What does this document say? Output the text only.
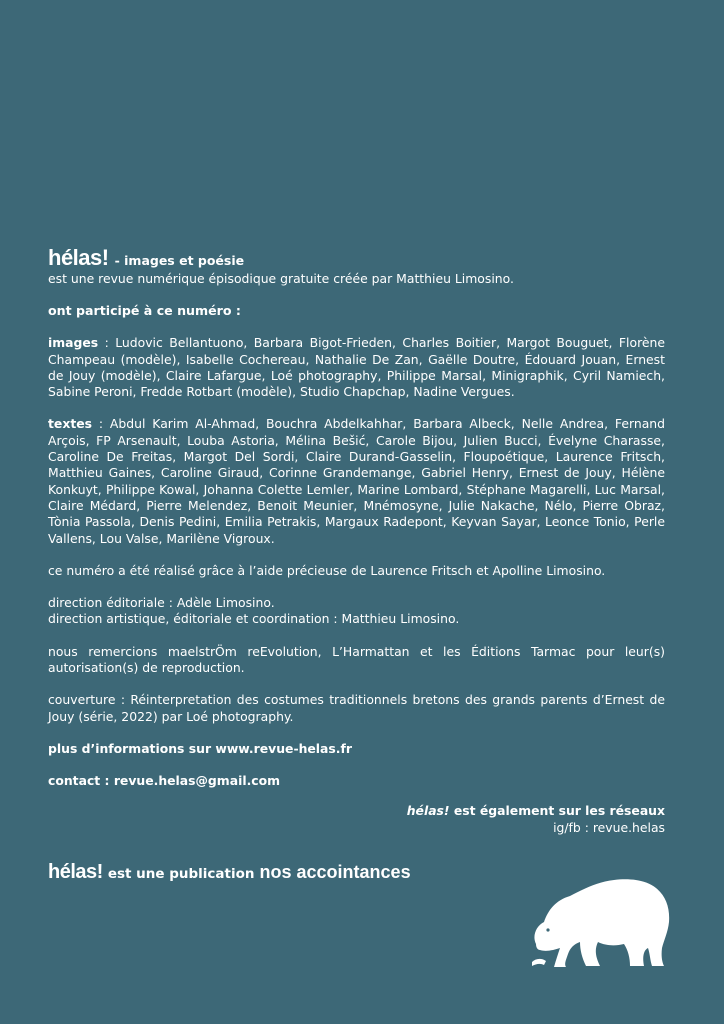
hélas! - images et poésie

est une revue numérique épisodique gratuite créée par Matthieu Limosino.

ont participé à ce numéro :

images : Ludovic Bellantuono, Barbara Bigot-Frieden, Charles Boitier, Margot Bouguet, Florène Champeau (modèle), Isabelle Cochereau, Nathalie De Zan, Gaëlle Doutre, Édouard Jouan, Ernest de Jouy (modèle), Claire Lafargue, Loé photography, Philippe Marsal, Minigraphik, Cyril Namiech, Sabine Peroni, Fredde Rotbart (modèle), Studio Chapchap, Nadine Vergues.

textes : Abdul Karim Al-Ahmad, Bouchra Abdelkahhar, Barbara Albeck, Nelle Andrea, Fernand Arçois, FP Arsenault, Louba Astoria, Mélina Bešić, Carole Bijou, Julien Bucci, Évelyne Charasse, Caroline De Freitas, Margot Del Sordi, Claire Durand-Gasselin, Floupoétique, Laurence Fritsch, Matthieu Gaines, Caroline Giraud, Corinne Grandemange, Gabriel Henry, Ernest de Jouy, Hélène Konkuyt, Philippe Kowal, Johanna Colette Lemler, Marine Lombard, Stéphane Magarelli, Luc Marsal, Claire Médard, Pierre Melendez, Benoit Meunier, Mnémosyne, Julie Nakache, Nélo, Pierre Obraz, Tònia Passola, Denis Pedini, Emilia Petrakis, Margaux Radepont, Keyvan Sayar, Leonce Tonio, Perle Vallens, Lou Valse, Marilène Vigroux.

ce numéro a été réalisé grâce à l’aide précieuse de Laurence Fritsch et Apolline Limosino.

direction éditoriale : Adèle Limosino.
direction artistique, éditoriale et coordination : Matthieu Limosino.

nous remercions maelstrÖm reEvolution, L’Harmattan et les Éditions Tarmac pour leur(s) autorisation(s) de reproduction.

couverture : Réinterpretation des costumes traditionnels bretons des grands parents d’Ernest de Jouy (série, 2022) par Loé photography.

plus d’informations sur www.revue-helas.fr

contact : revue.helas@gmail.com

hélas! est également sur les réseaux
ig/fb : revue.helas
hélas! est une publication nos accointances
